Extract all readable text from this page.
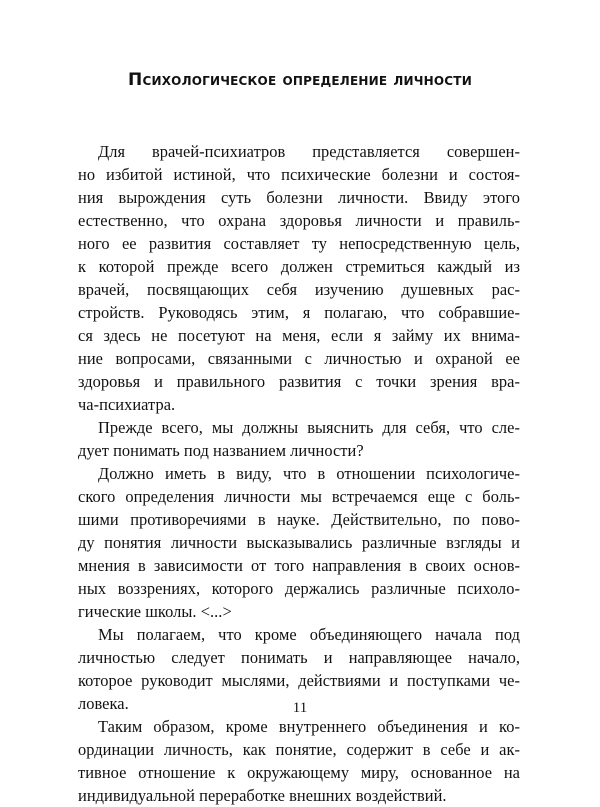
Психологическое определение личности
Для врачей-психиатров представляется совершен-
но избитой истиной, что психические болезни и состоя-
ния вырождения суть болезни личности. Ввиду этого
естественно, что охрана здоровья личности и правиль-
ного ее развития составляет ту непосредственную цель,
к которой прежде всего должен стремиться каждый из
врачей, посвящающих себя изучению душевных рас-
стройств. Руководясь этим, я полагаю, что собравшие-
ся здесь не посетуют на меня, если я займу их внима-
ние вопросами, связанными с личностью и охраной ее
здоровья и правильного развития с точки зрения вра-
ча-психиатра.
Прежде всего, мы должны выяснить для себя, что сле-
дует понимать под названием личности?
Должно иметь в виду, что в отношении психологиче-
ского определения личности мы встречаемся еще с боль-
шими противоречиями в науке. Действительно, по пово-
ду понятия личности высказывались различные взгляды и
мнения в зависимости от того направления в своих основ-
ных воззрениях, которого держались различные психоло-
гические школы. <...>
Мы полагаем, что кроме объединяющего начала под
личностью следует понимать и направляющее начало,
которое руководит мыслями, действиями и поступками че-
ловека.
Таким образом, кроме внутреннего объединения и ко-
ординации личность, как понятие, содержит в себе и ак-
тивное отношение к окружающему миру, основанное на
индивидуальной переработке внешних воздействий.
11
